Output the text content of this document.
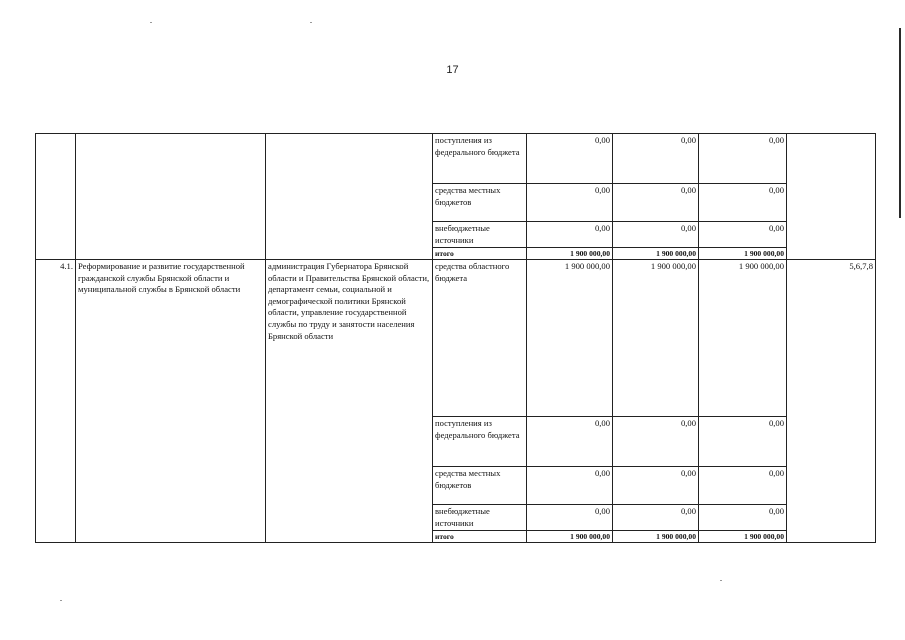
17
			поступления из федерального бюджета	0,00	0,00	0,00	
			средства местных бюджетов	0,00	0,00	0,00	
			внебюджетные источники	0,00	0,00	0,00	
			итого	1 900 000,00	1 900 000,00	1 900 000,00	
4.1.	Реформирование и развитие государственной гражданской службы Брянской области и муниципальной службы в Брянской области	администрация Губернатора Брянской области и Правительства Брянской области, департамент семьи, социальной и демографической политики Брянской области, управление государственной службы по труду и занятости населения Брянской области	средства областного бюджета	1 900 000,00	1 900 000,00	1 900 000,00	5,6,7,8
			поступления из федерального бюджета	0,00	0,00	0,00	
			средства местных бюджетов	0,00	0,00	0,00	
			внебюджетные источники	0,00	0,00	0,00	
			итого	1 900 000,00	1 900 000,00	1 900 000,00	
